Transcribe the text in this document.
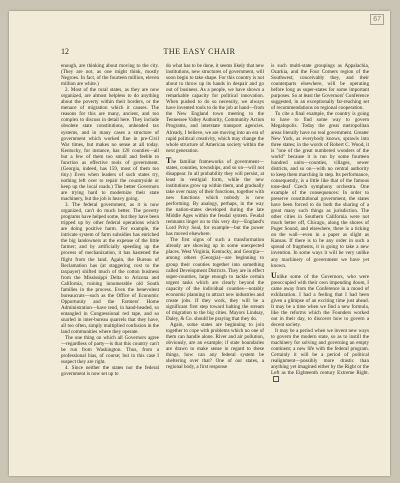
67
12	THE EASY CHAIR

enough, are thinking about moving to the city. (They are not, as one might think, mostly Negroes. In fact, of the fourteen million, eleven million are white.)

2. Most of the rural states, as they are now organized, are almost helpless to do anything about the poverty within their borders, or the menace of migration which it causes. The reasons for this are many, ancient, and too complex to discuss in detail here. They include obsolete state constitutions, unheaded tax systems, and in many cases a structure of government which worked fine in pre-Civil War times, but makes no sense at all today. Kentucky, for instance, has 120 counties—all but a few of them too small and feeble to function as effective tools of government. (Georgia, indeed, has 159, most of them too tiny.) Even when leaders of such states try, nothing left over to repair the countryside or keep up the local roads.) The better Governors are trying hard to modernize their state machinery, but the job is heavy going.

3. The federal government, as it is now organized, can't do much better. The poverty programs have helped some, but they have been tripped up by other federal operations which are doing positive harm. For example, the intricate system of farm subsidies has enriched the big landowners at the expense of the little farmer; and by artificially speeding up the process of mechanization, it has hastened the flight from the land. Again, the Bureau of Reclamation has (at staggering cost to the taxpayer) shifted much of the cotton business from the Mississippi Delta to Arizona and California, ruining innumerable old South families in the process. Even the benevolent bureaucrats—such as the Office of Economic Opportunity and the Farmers' Home Administration—have tend, in hand-headed, so entangled in Congressional red tape, and so snarled in inter-bureau quarrels that they have, all too often, simply multiplied confusion in the land communities where they operate.

The one thing on which all Governors agree—regardless of party—is that this country can't be run from Washington. Thus, from a professional bias, of course; but in this case I suspect they are right.

4. Since neither the states nor the federal government is now set up to

do what has to be done, it seems likely that new institutions, new structures of government, will soon begin to take shape. For this country is not about to throw up its hands in despair and go out of business. As a people, we have shown a remarkable capacity for political innovation. When pushed to do so necessity, we always have invented tools to do the job at hand—from the New England town meeting to the Tennessee Valley Authority, Community Action Programs, and interstate transport agencies. Already, I believe, we are moving into an era of rapid political creativity, which may change the whole structure of American society within the next generation.

The familiar frameworks of government—states, counties, townships, and so on—will not disappear. In all probability they will persist, at least in vestigial form, while the new institutions grow up within them, and gradually take over many of their functions, together with new functions which nobody is now performing. By analogy, perhaps, in the way the nation-states developed during the late Middle Ages within the feudal system. Feudal remnants linger on to this very day—England's Lord Privy Seal, for example—but the power has moved elsewhere.

The first signs of such a transformation already are showing up in some unexpected places. West Virginia, Kentucky, and Georgia—among others (Georgia)—are beginning to group their counties together into something called Development Districts. They are in effect super-counties, large enough to tackle certain urgent tasks which are clearly beyond the capacity of the individual counties—notably economic planning to attract new industries and create jobs. If they work, they will be a significant first step toward halting the stream of migration to the big cities. Mayors Lindsay, Daley, & Co. should be praying that they do.

Again, some states are beginning to join together to cope with problems which no one of them can handle alone. River and air pollution, obviously, are an example; if state boundaries are drawn to make sense in regard to these things, how can any federal system be sheltering over that? One of our states, a regional body, a first response

is such multi-state groupings as Appalachia, Ozarkia, and the Four Corners region of the Southwest; conceivably they, and their counterparts elsewhere, will be operating before long as super-states for some important purposes. So at least the Governors' Conference suggested, in an exceptionally far-reaching set of recommendations on regional cooperation.

To cite a final example, the country is going to have to find some way to govern Megalopolis. Today the great metropolitan areas literally have no real government. Greater New York, as everybody knows, sprawls into three states; in the words of Robert C. Wood, it is "one of the great numbered wonders of the world" because it is run by some fourteen hundred units—counties, villages, sewer districts, and so on—with no central authority to keep them marching in step. Its performance, consequently, is a little like that of the famous tone-deaf Czech symphony orchestra. One example of the consequences: In order to preserve constitutional government, the states have been forced to do both the sharing of a great many such things as jurisdiction. The other cities in Southern California were not much better off, Chicago, along the shores of Puget Sound, and elsewhere, there is a ticking on the wall—even in a paper as slight as Kansas. If there is to be any order in such a spread of fragments, it is going to take a new invention. In some ways it will be very unlike any machinery of government we have yet known.

Unlike some of the Governors, who were preoccupied with their own impending doom, I came away from the Conference in a mood of exhilaration. I had a feeling that I had been given a glimpse of an exciting time just ahead. It may be a time when we find a new formula, like the reforms which the Founders worked out in their day, to discover how to govern a decent society.

It may be a period when we invent new ways to govern the modern state, so as to instill the machinery for solving and governing an empty continent; a new life with the federal program. Certainly it will be a period of political realignment—possibly more drastic than anything yet imagined either by the Right or the Left as the Eighteenth century Extreme Right.
